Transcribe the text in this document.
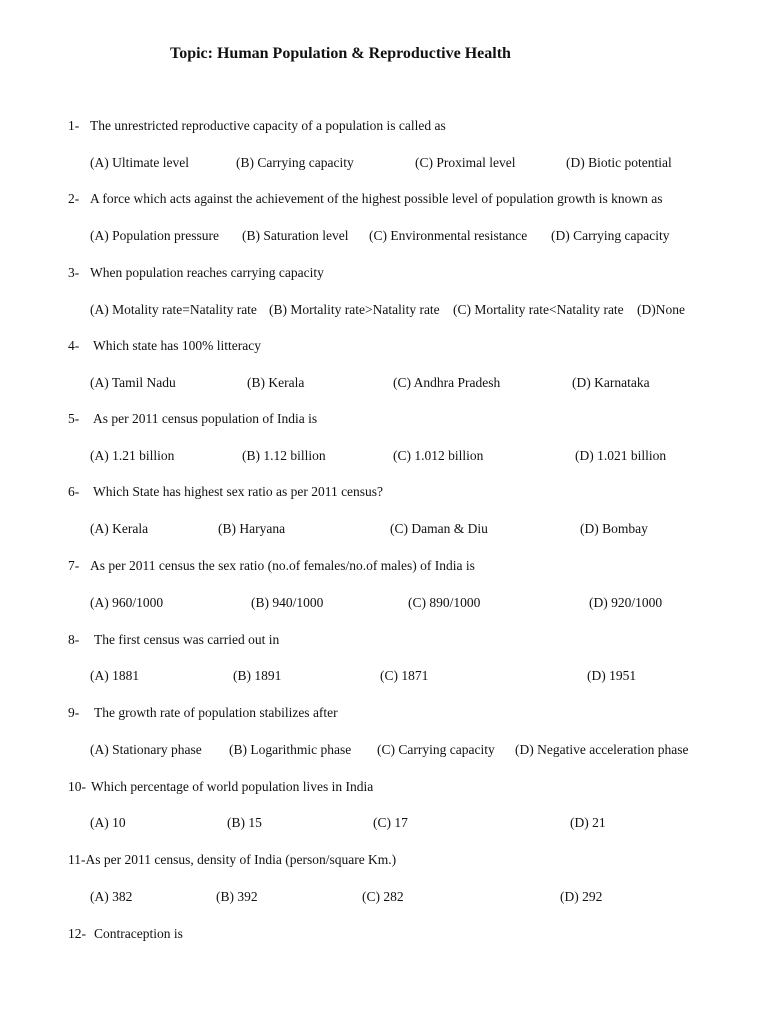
Topic: Human Population & Reproductive Health
1- The unrestricted reproductive capacity of a population is called as
(A) Ultimate level	(B) Carrying capacity	(C) Proximal level	(D) Biotic potential
2- A force which acts against the achievement of the highest possible level of population growth is known as
(A) Population pressure (B) Saturation level (C) Environmental resistance (D) Carrying capacity
3- When population reaches carrying capacity
(A) Motality rate=Natality rate (B) Mortality rate>Natality rate (C) Mortality rate<Natality rate (D)None
4- Which state has 100% litteracy
(A) Tamil Nadu	(B) Kerala	(C) Andhra Pradesh	(D) Karnataka
5- As per 2011 census population of India is
(A) 1.21 billion	(B) 1.12 billion	(C) 1.012 billion	(D) 1.021 billion
6- Which State has highest sex ratio as per 2011 census?
(A) Kerala	(B) Haryana	(C) Daman & Diu	(D) Bombay
7- As per 2011 census the sex ratio (no.of females/no.of males) of India is
(A) 960/1000	(B) 940/1000	(C) 890/1000	(D) 920/1000
8- The first census was carried out in
(A) 1881	(B) 1891	(C) 1871	(D) 1951
9- The growth rate of population stabilizes after
(A) Stationary phase (B) Logarithmic phase (C) Carrying capacity (D) Negative acceleration phase
10- Which percentage of world population lives in India
(A) 10	(B) 15	(C) 17	(D) 21
11-As per 2011 census, density of India (person/square Km.)
(A) 382	(B) 392	(C) 282	(D) 292
12- Contraception is
